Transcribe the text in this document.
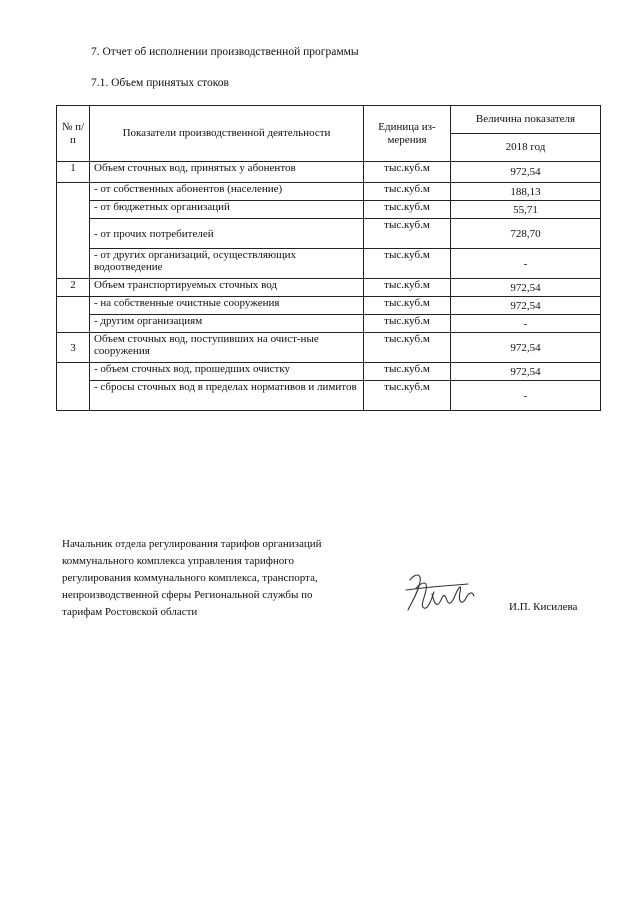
7. Отчет об исполнении производственной программы
7.1. Объем принятых стоков
№ п/п	Показатели производственной деятельности	Единица из-мерения	Величина показателя
			2018 год
1	Объем сточных вод, принятых у абонентов	тыс.куб.м	972,54
	- от собственных абонентов (население)	тыс.куб.м	188,13
	- от бюджетных организаций	тыс.куб.м	55,71
	- от прочих потребителей	тыс.куб.м	728,70
	- от других организаций, осуществляющих водоотведение	тыс.куб.м	-
2	Объем транспортируемых сточных вод	тыс.куб.м	972,54
	- на собственные очистные сооружения	тыс.куб.м	972,54
	- другим организациям	тыс.куб.м	-
3	Объем сточных вод, поступивших на очист-ные сооружения	тыс.куб.м	972,54
	- объем сточных вод, прошедших очистку	тыс.куб.м	972,54
	- сбросы сточных вод в пределах нормативов и лимитов	тыс.куб.м	-
Начальник отдела регулирования тарифов организаций
коммунального комплекса управления тарифного
регулирования коммунального комплекса, транспорта,
непроизводственной сферы Региональной службы по
тарифам Ростовской области	И.П. Кисилева
